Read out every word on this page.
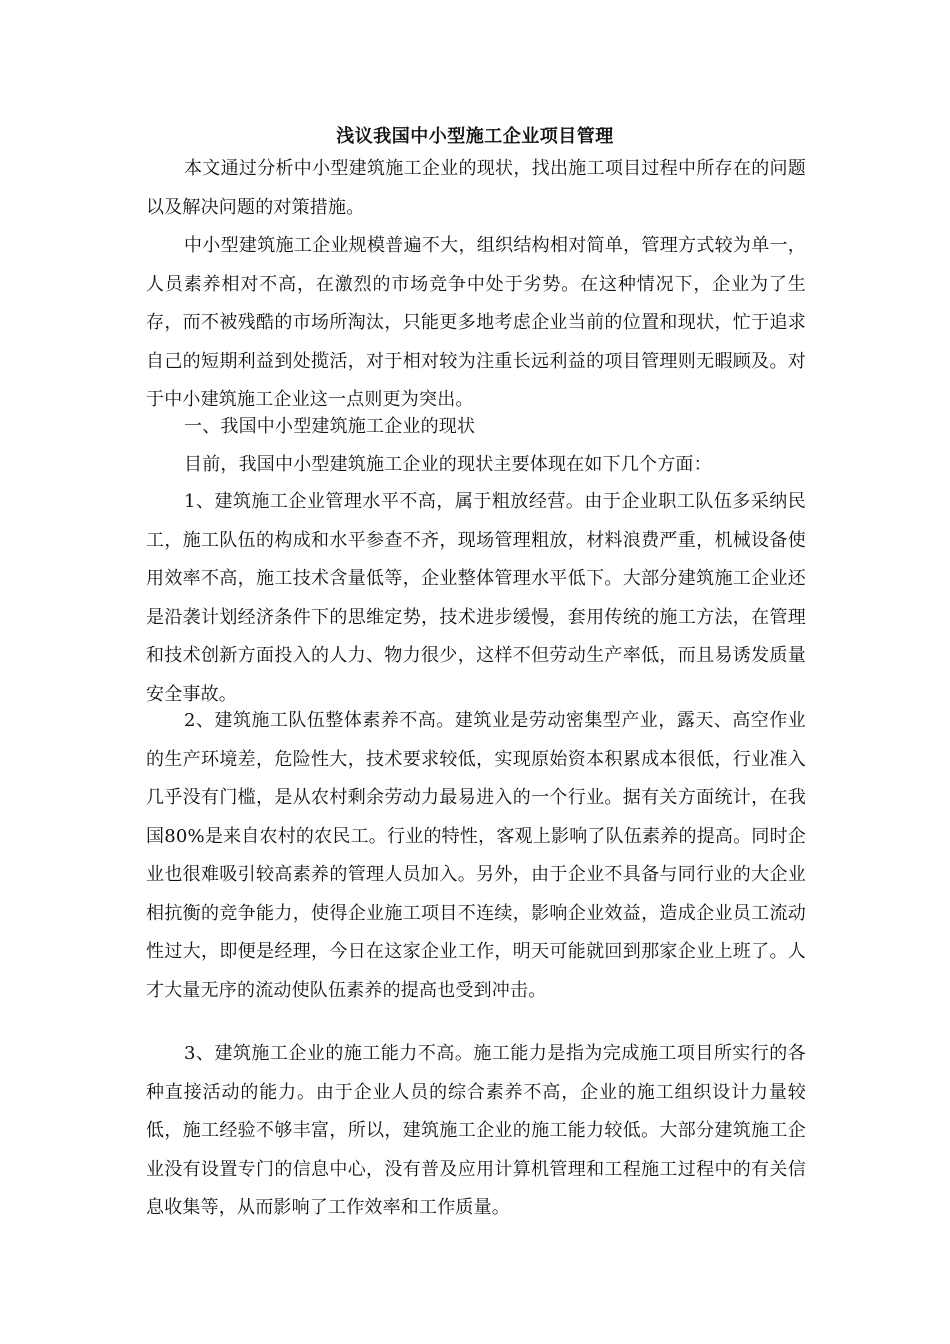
浅议我国中小型施工企业项目管理

本文通过分析中小型建筑施工企业的现状，找出施工项目过程中所存在的问题以及解决问题的对策措施。

中小型建筑施工企业规模普遍不大，组织结构相对简单，管理方式较为单一，人员素养相对不高，在激烈的市场竞争中处于劣势。在这种情况下，企业为了生存，而不被残酷的市场所淘汰，只能更多地考虑企业当前的位置和现状，忙于追求自己的短期利益到处揽活，对于相对较为注重长远利益的项目管理则无暇顾及。对于中小建筑施工企业这一点则更为突出。

一、我国中小型建筑施工企业的现状

目前，我国中小型建筑施工企业的现状主要体现在如下几个方面：

1、建筑施工企业管理水平不高，属于粗放经营。由于企业职工队伍多采纳民工，施工队伍的构成和水平参查不齐，现场管理粗放，材料浪费严重，机械设备使用效率不高，施工技术含量低等，企业整体管理水平低下。大部分建筑施工企业还是沿袭计划经济条件下的思维定势，技术进步缓慢，套用传统的施工方法，在管理和技术创新方面投入的人力、物力很少，这样不但劳动生产率低，而且易诱发质量安全事故。

2、建筑施工队伍整体素养不高。建筑业是劳动密集型产业，露天、高空作业的生产环境差，危险性大，技术要求较低，实现原始资本积累成本很低，行业准入几乎没有门槛，是从农村剩余劳动力最易进入的一个行业。据有关方面统计，在我国80%是来自农村的农民工。行业的特性，客观上影响了队伍素养的提高。同时企业也很难吸引较高素养的管理人员加入。另外，由于企业不具备与同行业的大企业相抗衡的竞争能力，使得企业施工项目不连续，影响企业效益，造成企业员工流动性过大，即便是经理，今日在这家企业工作，明天可能就回到那家企业上班了。人才大量无序的流动使队伍素养的提高也受到冲击。

3、建筑施工企业的施工能力不高。施工能力是指为完成施工项目所实行的各种直接活动的能力。由于企业人员的综合素养不高，企业的施工组织设计力量较低，施工经验不够丰富，所以，建筑施工企业的施工能力较低。大部分建筑施工企业没有设置专门的信息中心，没有普及应用计算机管理和工程施工过程中的有关信息收集等，从而影响了工作效率和工作质量。
